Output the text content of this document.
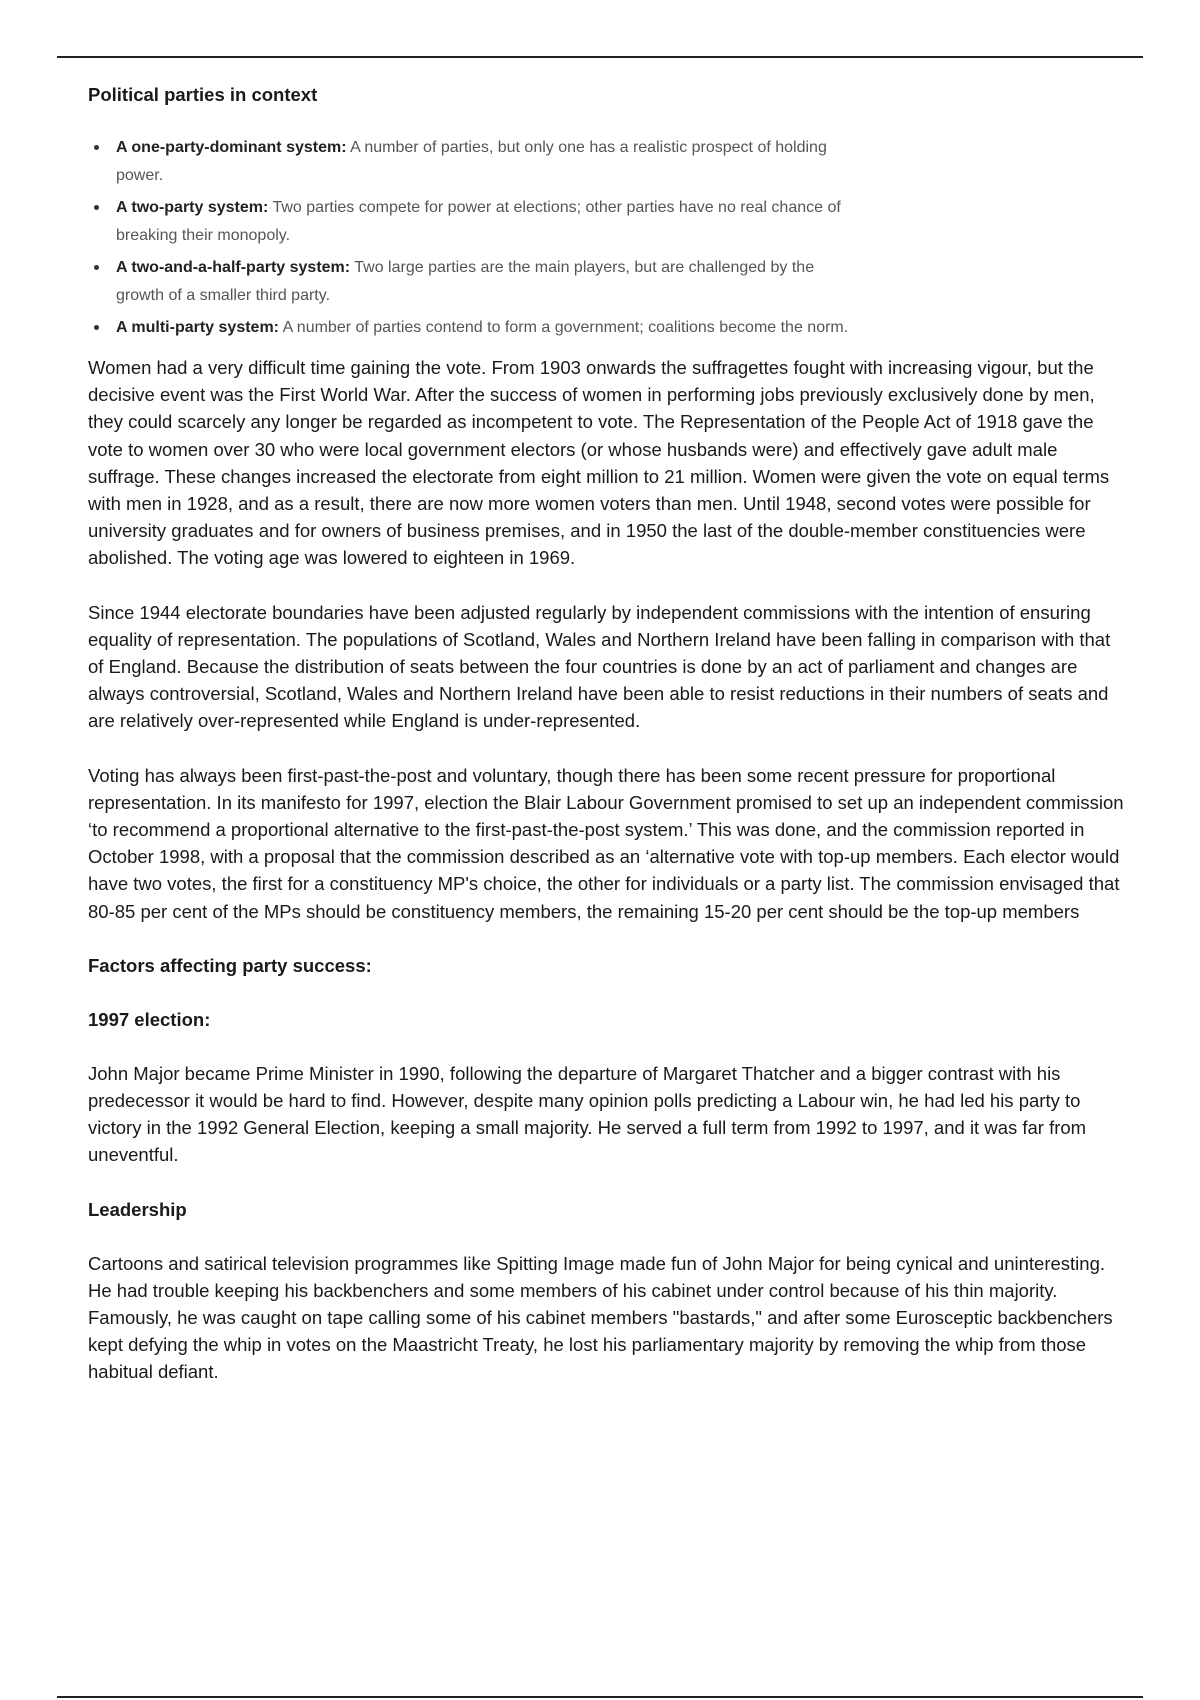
Political parties in context

A one-party-dominant system: A number of parties, but only one has a realistic prospect of holding power.
A two-party system: Two parties compete for power at elections; other parties have no real chance of breaking their monopoly.
A two-and-a-half-party system: Two large parties are the main players, but are challenged by the growth of a smaller third party.
A multi-party system: A number of parties contend to form a government; coalitions become the norm.

Women had a very difficult time gaining the vote. From 1903 onwards the suffragettes fought with increasing vigour, but the decisive event was the First World War. After the success of women in performing jobs previously exclusively done by men, they could scarcely any longer be regarded as incompetent to vote. The Representation of the People Act of 1918 gave the vote to women over 30 who were local government electors (or whose husbands were) and effectively gave adult male suffrage. These changes increased the electorate from eight million to 21 million. Women were given the vote on equal terms with men in 1928, and as a result, there are now more women voters than men. Until 1948, second votes were possible for university graduates and for owners of business premises, and in 1950 the last of the double-member constituencies were abolished. The voting age was lowered to eighteen in 1969.

Since 1944 electorate boundaries have been adjusted regularly by independent commissions with the intention of ensuring equality of representation. The populations of Scotland, Wales and Northern Ireland have been falling in comparison with that of England. Because the distribution of seats between the four countries is done by an act of parliament and changes are always controversial, Scotland, Wales and Northern Ireland have been able to resist reductions in their numbers of seats and are relatively over-represented while England is under-represented.

Voting has always been first-past-the-post and voluntary, though there has been some recent pressure for proportional representation. In its manifesto for 1997, election the Blair Labour Government promised to set up an independent commission ‘to recommend a proportional alternative to the first-past-the-post system.’ This was done, and the commission reported in October 1998, with a proposal that the commission described as an ‘alternative vote with top-up members. Each elector would have two votes, the first for a constituency MP's choice, the other for individuals or a party list. The commission envisaged that 80-85 per cent of the MPs should be constituency members, the remaining 15-20 per cent should be the top-up members

Factors affecting party success:

1997 election:

John Major became Prime Minister in 1990, following the departure of Margaret Thatcher and a bigger contrast with his predecessor it would be hard to find. However, despite many opinion polls predicting a Labour win, he had led his party to victory in the 1992 General Election, keeping a small majority. He served a full term from 1992 to 1997, and it was far from uneventful.

Leadership

Cartoons and satirical television programmes like Spitting Image made fun of John Major for being cynical and uninteresting. He had trouble keeping his backbenchers and some members of his cabinet under control because of his thin majority. Famously, he was caught on tape calling some of his cabinet members "bastards," and after some Eurosceptic backbenchers kept defying the whip in votes on the Maastricht Treaty, he lost his parliamentary majority by removing the whip from those habitual defiant.
